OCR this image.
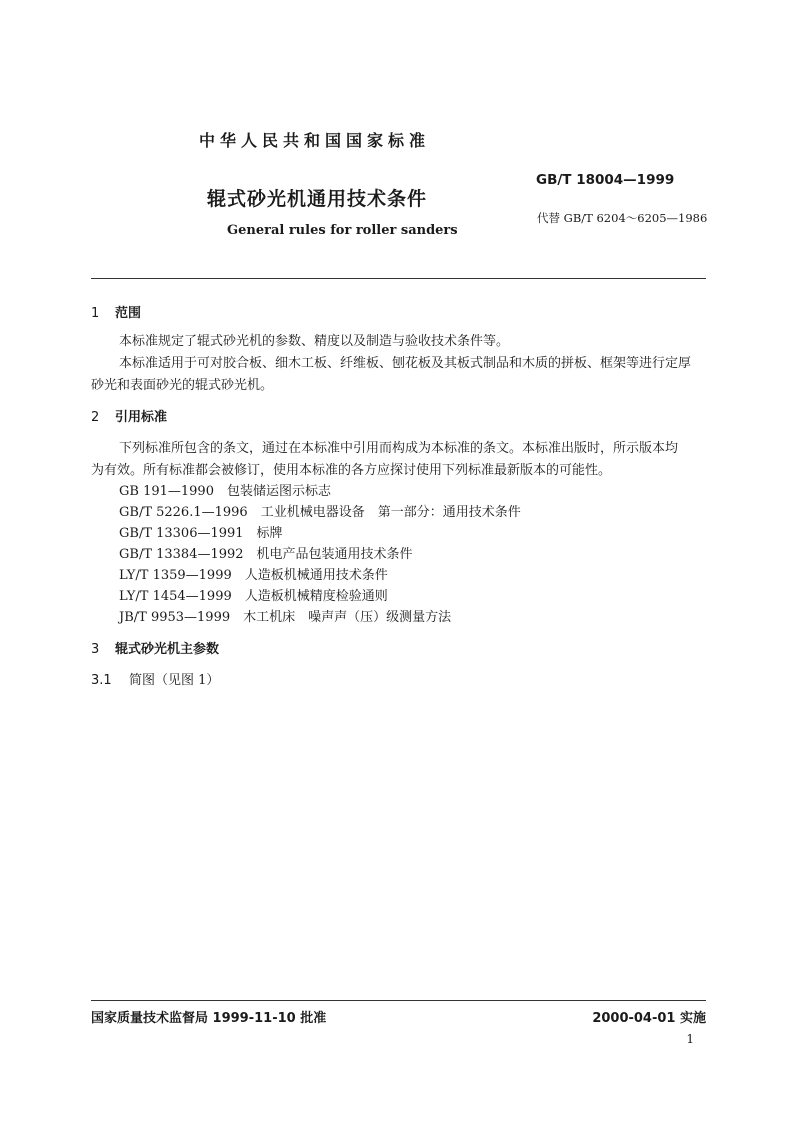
中华人民共和国国家标准
GB/T 18004—1999
辊式砂光机通用技术条件
代替 GB/T 6204～6205—1986
General rules for roller sanders
1 范围
本标准规定了辊式砂光机的参数、精度以及制造与验收技术条件等。
本标准适用于可对胶合板、细木工板、纤维板、刨花板及其板式制品和木质的拼板、框架等进行定厚
砂光和表面砂光的辊式砂光机。
2 引用标准
下列标准所包含的条文，通过在本标准中引用而构成为本标准的条文。本标准出版时，所示版本均
为有效。所有标准都会被修订，使用本标准的各方应探讨使用下列标准最新版本的可能性。
GB 191—1990　包装储运图示标志
GB/T 5226.1—1996　工业机械电器设备　第一部分：通用技术条件
GB/T 13306—1991　标牌
GB/T 13384—1992　机电产品包装通用技术条件
LY/T 1359—1999　人造板机械通用技术条件
LY/T 1454—1999　人造板机械精度检验通则
JB/T 9953—1999　木工机床　噪声声（压）级测量方法
3 辊式砂光机主参数
3.1 简图（见图 1）
国家质量技术监督局 1999-11-10 批准	2000-04-01 实施
1
